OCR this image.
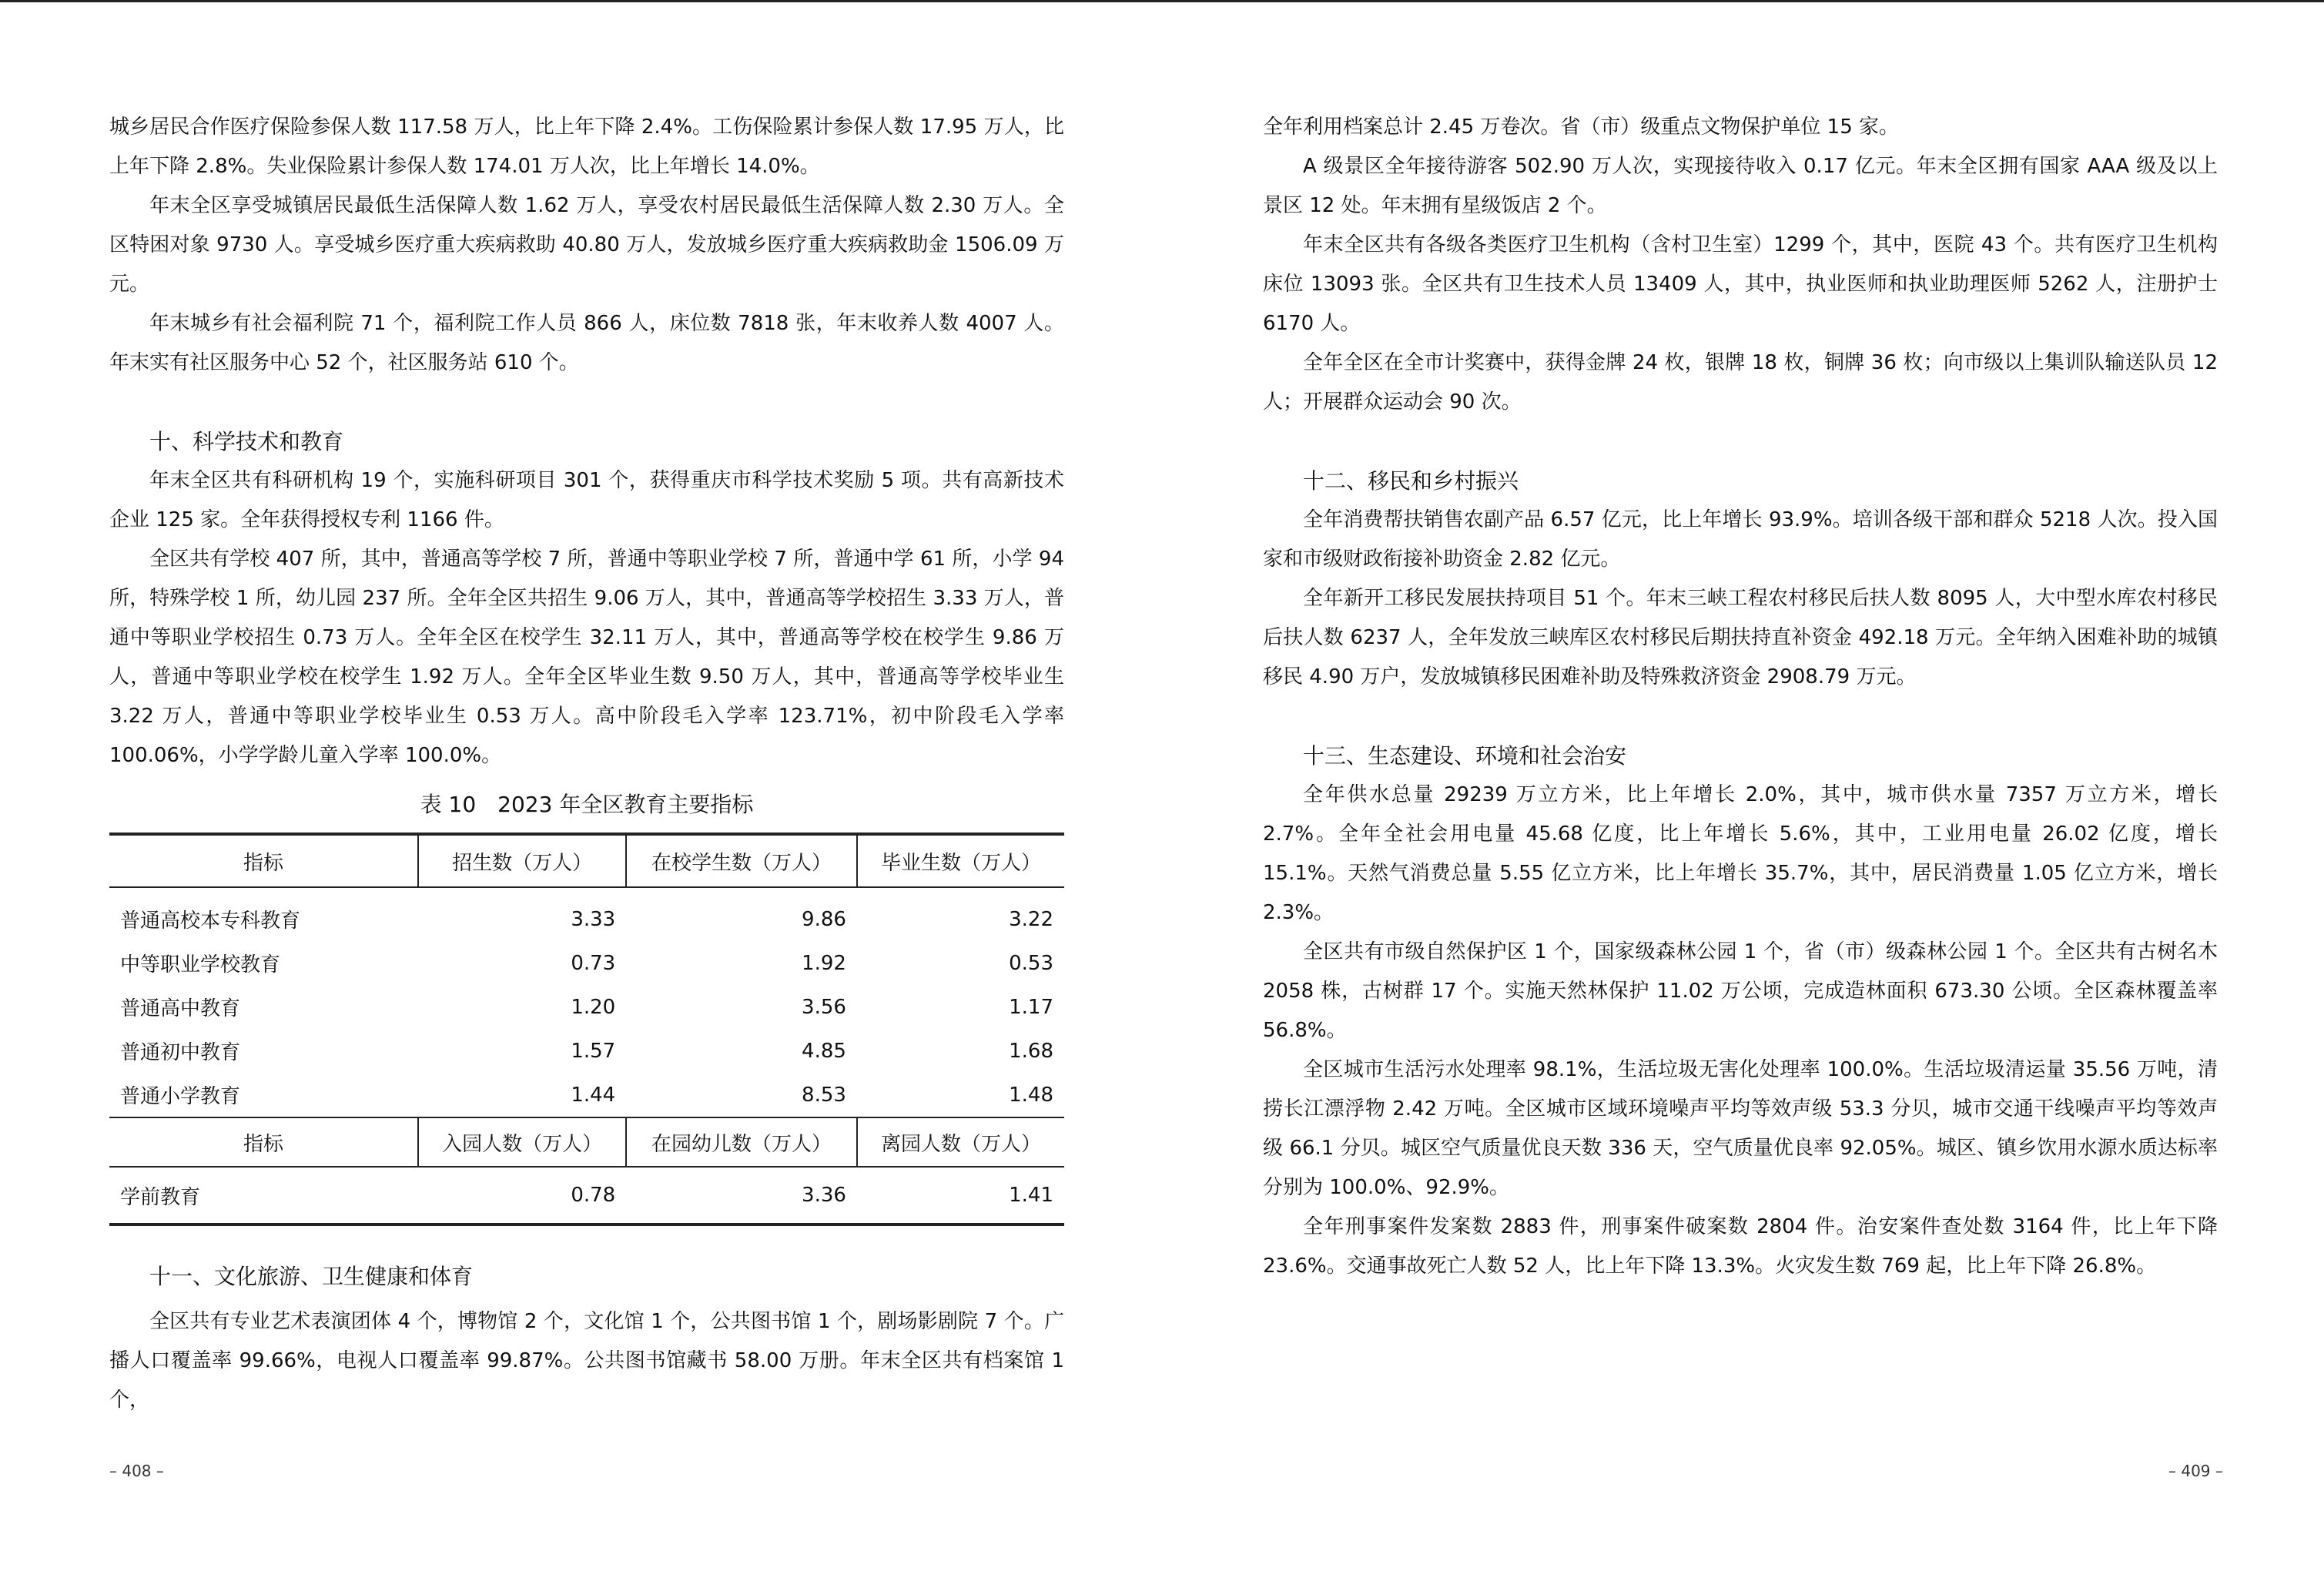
城乡居民合作医疗保险参保人数 117.58 万人，比上年下降 2.4%。工伤保险累计参保人数 17.95 万人，比上年下降 2.8%。失业保险累计参保人数 174.01 万人次，比上年增长 14.0%。

年末全区享受城镇居民最低生活保障人数 1.62 万人，享受农村居民最低生活保障人数 2.30 万人。全区特困对象 9730 人。享受城乡医疗重大疾病救助 40.80 万人，发放城乡医疗重大疾病救助金 1506.09 万元。

年末城乡有社会福利院 71 个，福利院工作人员 866 人，床位数 7818 张，年末收养人数 4007 人。年末实有社区服务中心 52 个，社区服务站 610 个。

十、科学技术和教育

年末全区共有科研机构 19 个，实施科研项目 301 个，获得重庆市科学技术奖励 5 项。共有高新技术企业 125 家。全年获得授权专利 1166 件。

全区共有学校 407 所，其中，普通高等学校 7 所，普通中等职业学校 7 所，普通中学 61 所，小学 94 所，特殊学校 1 所，幼儿园 237 所。全年全区共招生 9.06 万人，其中，普通高等学校招生 3.33 万人，普通中等职业学校招生 0.73 万人。全年全区在校学生 32.11 万人，其中，普通高等学校在校学生 9.86 万人，普通中等职业学校在校学生 1.92 万人。全年全区毕业生数 9.50 万人，其中，普通高等学校毕业生 3.22 万人，普通中等职业学校毕业生 0.53 万人。高中阶段毛入学率 123.71%，初中阶段毛入学率 100.06%，小学学龄儿童入学率 100.0%。

表 10　2023 年全区教育主要指标
指标	招生数（万人）	在校学生数（万人）	毕业生数（万人）
普通高校本专科教育	3.33	9.86	3.22
中等职业学校教育	0.73	1.92	0.53
普通高中教育	1.20	3.56	1.17
普通初中教育	1.57	4.85	1.68
普通小学教育	1.44	8.53	1.48
指标	入园人数（万人）	在园幼儿数（万人）	离园人数（万人）
学前教育	0.78	3.36	1.41
十一、文化旅游、卫生健康和体育

全区共有专业艺术表演团体 4 个，博物馆 2 个，文化馆 1 个，公共图书馆 1 个，剧场影剧院 7 个。广播人口覆盖率 99.66%，电视人口覆盖率 99.87%。公共图书馆藏书 58.00 万册。年末全区共有档案馆 1 个，

– 408 –

全年利用档案总计 2.45 万卷次。省（市）级重点文物保护单位 15 家。

A 级景区全年接待游客 502.90 万人次，实现接待收入 0.17 亿元。年末全区拥有国家 AAA 级及以上景区 12 处。年末拥有星级饭店 2 个。

年末全区共有各级各类医疗卫生机构（含村卫生室）1299 个，其中，医院 43 个。共有医疗卫生机构床位 13093 张。全区共有卫生技术人员 13409 人，其中，执业医师和执业助理医师 5262 人，注册护士 6170 人。

全年全区在全市计奖赛中，获得金牌 24 枚，银牌 18 枚，铜牌 36 枚；向市级以上集训队输送队员 12 人；开展群众运动会 90 次。

十二、移民和乡村振兴

全年消费帮扶销售农副产品 6.57 亿元，比上年增长 93.9%。培训各级干部和群众 5218 人次。投入国家和市级财政衔接补助资金 2.82 亿元。

全年新开工移民发展扶持项目 51 个。年末三峡工程农村移民后扶人数 8095 人，大中型水库农村移民后扶人数 6237 人，全年发放三峡库区农村移民后期扶持直补资金 492.18 万元。全年纳入困难补助的城镇移民 4.90 万户，发放城镇移民困难补助及特殊救济资金 2908.79 万元。

十三、生态建设、环境和社会治安

全年供水总量 29239 万立方米，比上年增长 2.0%，其中，城市供水量 7357 万立方米，增长 2.7%。全年全社会用电量 45.68 亿度，比上年增长 5.6%，其中，工业用电量 26.02 亿度，增长 15.1%。天然气消费总量 5.55 亿立方米，比上年增长 35.7%，其中，居民消费量 1.05 亿立方米，增长 2.3%。

全区共有市级自然保护区 1 个，国家级森林公园 1 个，省（市）级森林公园 1 个。全区共有古树名木 2058 株，古树群 17 个。实施天然林保护 11.02 万公顷，完成造林面积 673.30 公顷。全区森林覆盖率 56.8%。

全区城市生活污水处理率 98.1%，生活垃圾无害化处理率 100.0%。生活垃圾清运量 35.56 万吨，清捞长江漂浮物 2.42 万吨。全区城市区域环境噪声平均等效声级 53.3 分贝，城市交通干线噪声平均等效声级 66.1 分贝。城区空气质量优良天数 336 天，空气质量优良率 92.05%。城区、镇乡饮用水源水质达标率分别为 100.0%、92.9%。

全年刑事案件发案数 2883 件，刑事案件破案数 2804 件。治安案件查处数 3164 件，比上年下降 23.6%。交通事故死亡人数 52 人，比上年下降 13.3%。火灾发生数 769 起，比上年下降 26.8%。

– 409 –
